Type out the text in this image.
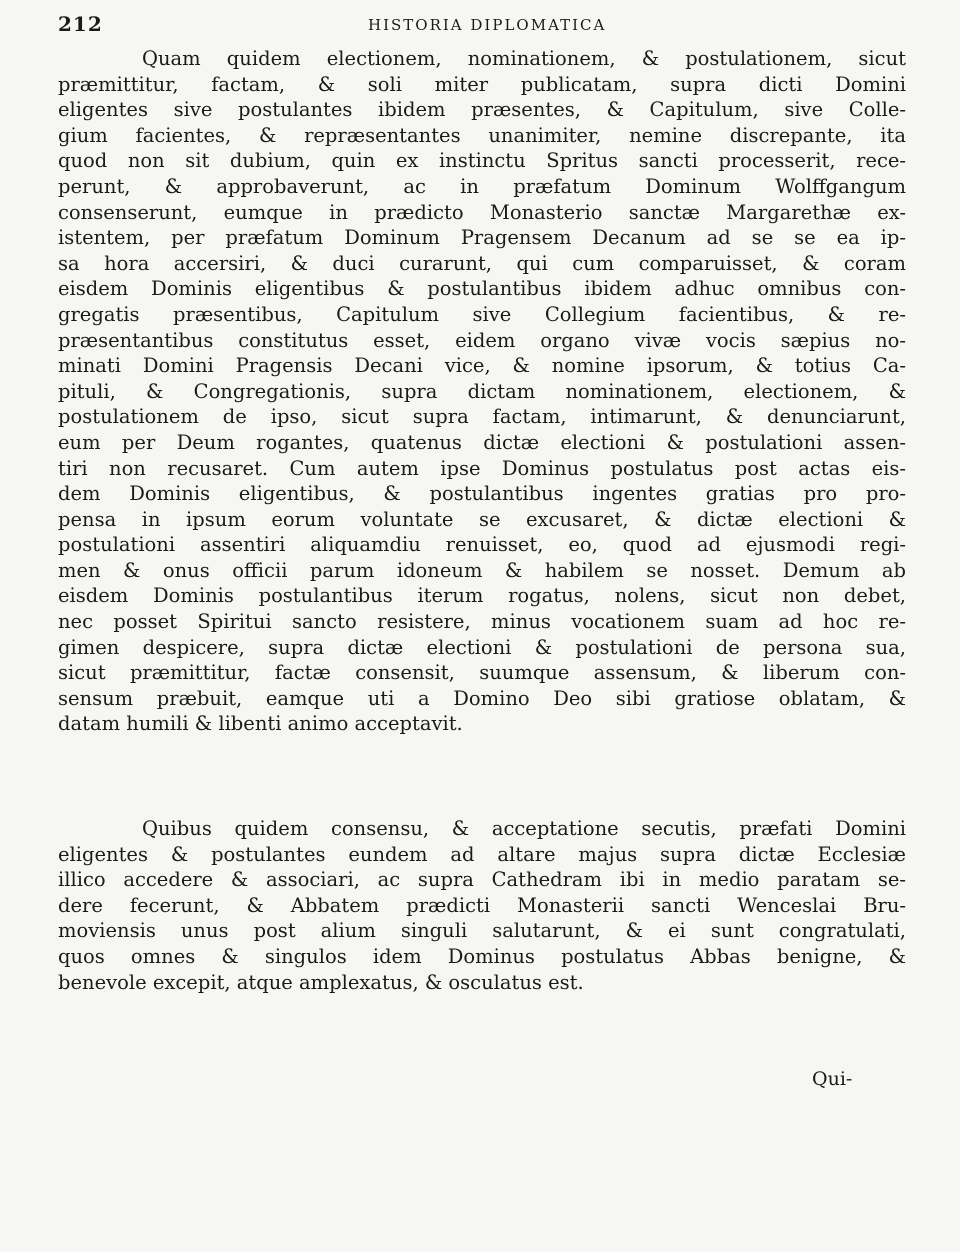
212	HISTORIA DIPLOMATICA
Quam quidem electionem, nominationem, & postulationem, sicut
præmittitur, factam, & soli miter publicatam, supra dicti Domini
eligentes sive postulantes ibidem præsentes, & Capitulum, sive Colle-
gium facientes, & repræsentantes unanimiter, nemine discrepante, ita
quod non sit dubium, quin ex instinctu Spritus sancti processerit, rece-
perunt, & approbaverunt, ac in præfatum Dominum Wolffgangum
consenserunt, eumque in prædicto Monasterio sanctæ Margarethæ ex-
istentem, per præfatum Dominum Pragensem Decanum ad se se ea ip-
sa hora accersiri, & duci curarunt, qui cum comparuisset, & coram
eisdem Dominis eligentibus & postulantibus ibidem adhuc omnibus con-
gregatis præsentibus, Capitulum sive Collegium facientibus, & re-
præsentantibus constitutus esset, eidem organo vivæ vocis sæpius no-
minati Domini Pragensis Decani vice, & nomine ipsorum, & totius Ca-
pituli, & Congregationis, supra dictam nominationem, electionem, &
postulationem de ipso, sicut supra factam, intimarunt, & denunciarunt,
eum per Deum rogantes, quatenus dictæ electioni & postulationi assen-
tiri non recusaret. Cum autem ipse Dominus postulatus post actas eis-
dem Dominis eligentibus, & postulantibus ingentes gratias pro pro-
pensa in ipsum eorum voluntate se excusaret, & dictæ electioni &
postulationi assentiri aliquamdiu renuisset, eo, quod ad ejusmodi regi-
men & onus officii parum idoneum & habilem se nosset. Demum ab
eisdem Dominis postulantibus iterum rogatus, nolens, sicut non debet,
nec posset Spiritui sancto resistere, minus vocationem suam ad hoc re-
gimen despicere, supra dictæ electioni & postulationi de persona sua,
sicut præmittitur, factæ consensit, suumque assensum, & liberum con-
sensum præbuit, eamque uti a Domino Deo sibi gratiose oblatam, &
datam humili & libenti animo acceptavit.
Quibus quidem consensu, & acceptatione secutis, præfati Domini
eligentes & postulantes eundem ad altare majus supra dictæ Ecclesiæ
illico accedere & associari, ac supra Cathedram ibi in medio paratam se-
dere fecerunt, & Abbatem prædicti Monasterii sancti Wenceslai Bru-
moviensis unus post alium singuli salutarunt, & ei sunt congratulati,
quos omnes & singulos idem Dominus postulatus Abbas benigne, &
benevole excepit, atque amplexatus, & osculatus est.
Qui-
